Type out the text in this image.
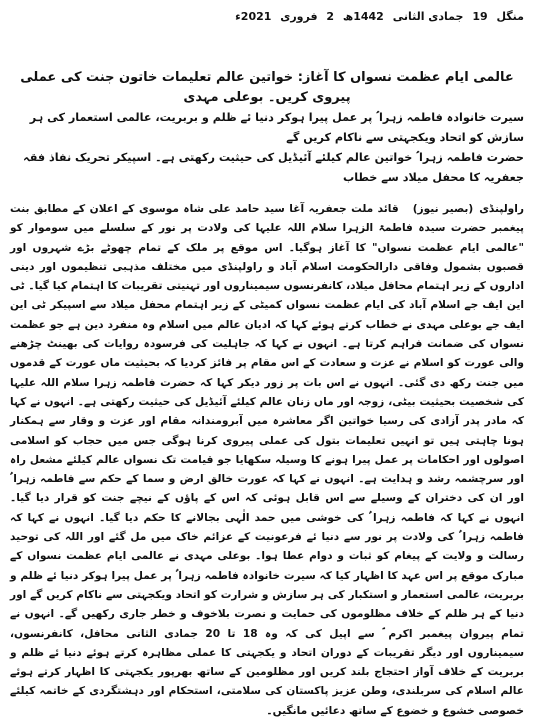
منگل 19 جمادی الثانی 1442ھ 2 فروری 2021ء
عالمی ایام عظمت نسواں کا آغاز: خواتین عالم تعلیمات خاتون جنت کی عملی پیروی کریں۔ بوعلی مہدی

سیرت خانوادہ فاطمہ زہرا ؑ پر عمل پیرا ہوکر دنیا ئے ظلم و بربریت، عالمی استعمار کی ہر سازش کو اتحاد ویکجہتی سے ناکام کریں گے

حضرت فاطمہ زہرا ؑ خواتین عالم کیلئے آئیڈیل کی حیثیت رکھتی ہے۔ اسپیکر تحریک نفاذ فقہ جعفریہ کا محفل میلاد سے خطاب

راولپنڈی(بصیر نیوز)قائد ملت جعفریہ آغا سید حامد علی شاہ موسوی کے اعلان کے مطابق بنت پیغمبر حضرت سیدہ فاطمۃ الزہرا سلام اللہ علیہا کی ولادت پر نور کے سلسلے میں سوموار کو "عالمی ایام عظمت نسواں" کا آغاز ہوگیا۔ اس موقع پر ملک کے تمام چھوٹے بڑے شہروں اور قصبوں بشمول وفاقی دارالحکومت اسلام آباد و راولپنڈی میں مختلف مذہبی تنظیموں اور دینی اداروں کے زیر اہتمام محافل میلاد، کانفرنسوں سیمیناروں اور تہنیتی تقریبات کا اہتمام کیا گیا۔ ٹی این ایف جے اسلام آباد کی ایام عظمت نسواں کمیٹی کے زیر اہتمام محفل میلاد سے اسپیکر ٹی این ایف جے بوعلی مہدی نے خطاب کرتے ہوئے کہا کہ ادیان عالم میں اسلام وہ منفرد دین ہے جو عظمت نسواں کی ضمانت فراہم کرتا ہے۔ انہوں نے کہا کہ جاہلیت کی فرسودہ روایات کی بھینٹ چڑھنے والی عورت کو اسلام نے عزت و سعادت کے اس مقام پر فائز کردیا کہ بحیثیت ماں عورت کے قدموں میں جنت رکھ دی گئی۔ انہوں نے اس بات پر زور دیکر کہا کہ حضرت فاطمہ زہرا سلام اللہ علیہا کی شخصیت بحیثیت بیٹی، زوجہ اور ماں زنان عالم کیلئے آئیڈیل کی حیثیت رکھتی ہے۔ انہوں نے کہا کہ مادر پدر آزادی کی رسیا خواتین اگر معاشرہ میں آبرومندانہ مقام اور عزت و وقار سے ہمکنار ہونا چاہتی ہیں تو انہیں تعلیمات بتول کی عملی پیروی کرنا ہوگی جس میں حجاب کو اسلامی اصولوں اور احکامات پر عمل پیرا ہونے کا وسیلہ سکھایا جو قیامت تک نسواں عالم کیلئے مشعل راہ اور سرچشمہ رشد و ہدایت ہے۔ انہوں نے کہا کہ عورت خالق ارض و سما کے حکم سے فاطمہ زہرا ؑ اور ان کی دختران کے وسیلے سے اس قابل ہوئی کہ اس کے پاؤں کے نیچے جنت کو قرار دیا گیا۔ انہوں نے کہا کہ فاطمہ زہرا ؑ کی خوشی میں حمد الٰہی بجالانے کا حکم دیا گیا۔ انہوں نے کہا کہ فاطمہ زہرا ؑ کی ولادت پر نور سے دنیا ئے فرعونیت کے عزائم خاک میں مل گئے اور اللہ کی توحید رسالت و ولایت کے پیغام کو ثبات و دوام عطا ہوا۔ بوعلی مہدی نے عالمی ایام عظمت نسواں کے مبارک موقع پر اس عہد کا اظہار کیا کہ سیرت خانوادہ فاطمہ زہرا ؑ پر عمل پیرا ہوکر دنیا ئے ظلم و بربریت، عالمی استعمار و استکبار کی ہر سازش و شرارت کو اتحاد ویکجہتی سے ناکام کریں گے اور دنیا کے ہر ظلم کے خلاف مظلوموں کی حمایت و نصرت بلاخوف و خطر جاری رکھیں گے۔ انہوں نے تمام پیروان پیغمبر اکرم ؐ سے اپیل کی کہ وہ 18 تا 20 جمادی الثانی محافل، کانفرنسوں، سیمیناروں اور دیگر تقریبات کے دوران اتحاد و یکجہتی کا عملی مظاہرہ کرتے ہوئے دنیا ئے ظلم و بربریت کے خلاف آواز احتجاج بلند کریں اور مظلومین کے ساتھ بھرپور یکجہتی کا اظہار کرتے ہوئے عالم اسلام کی سربلندی، وطن عزیز پاکستان کی سلامتی، استحکام اور دہشتگردی کے خاتمہ کیلئے خصوصی خشوع و خضوع کے ساتھ دعائیں مانگیں۔
